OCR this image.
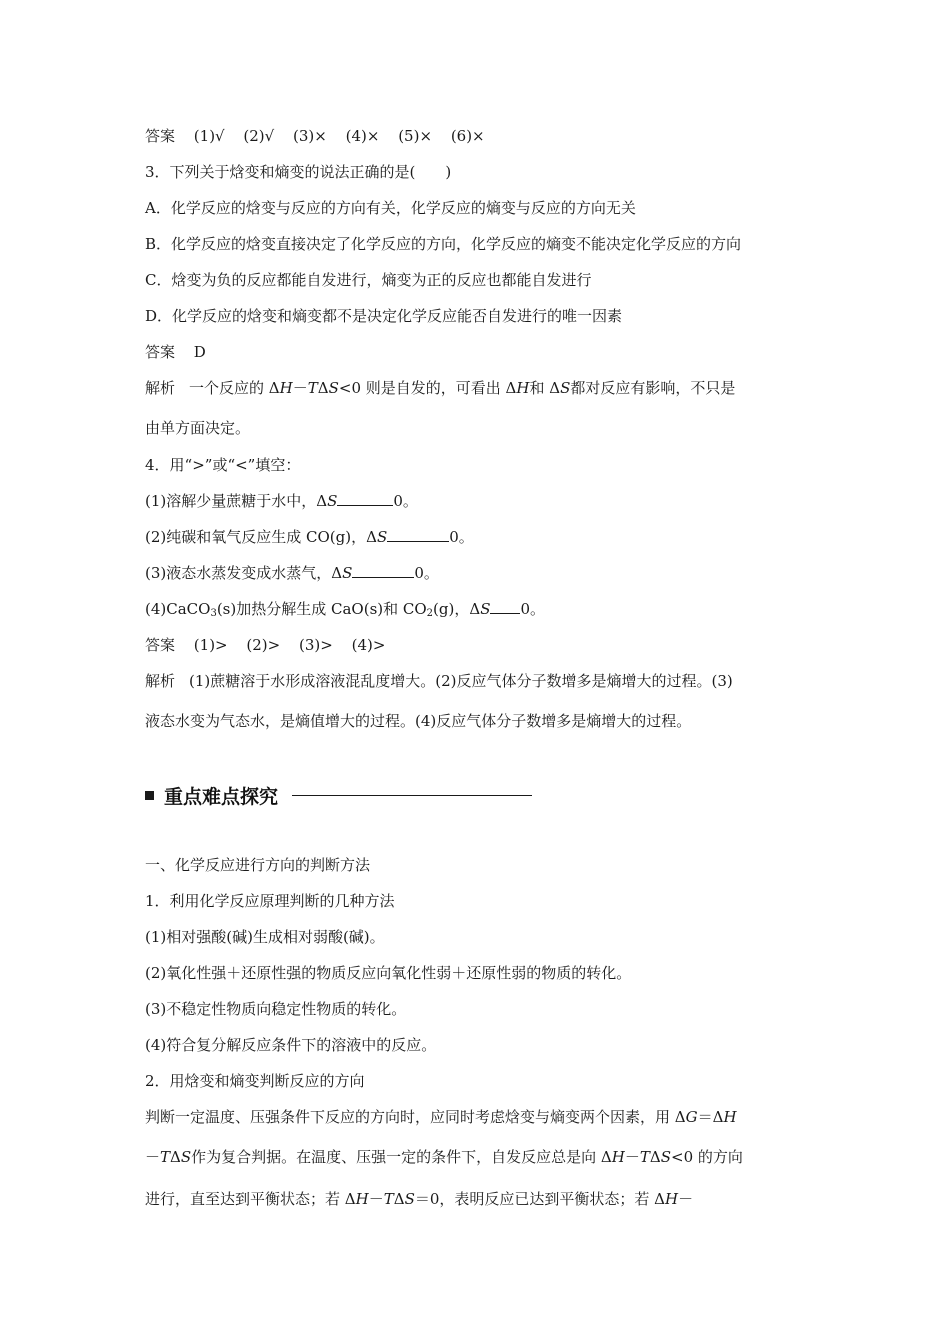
答案 (1)√ (2)√ (3)× (4)× (5)× (6)×
3．下列关于焓变和熵变的说法正确的是(　　)
A．化学反应的焓变与反应的方向有关，化学反应的熵变与反应的方向无关
B．化学反应的焓变直接决定了化学反应的方向，化学反应的熵变不能决定化学反应的方向
C．焓变为负的反应都能自发进行，熵变为正的反应也都能自发进行
D．化学反应的焓变和熵变都不是决定化学反应能否自发进行的唯一因素
答案 D
解析 一个反应的 ΔH－TΔS<0 则是自发的，可看出 ΔH和 ΔS都对反应有影响，不只是
由单方面决定。
4．用“>”或“<”填空：
(1)溶解少量蔗糖于水中，ΔS	0。
(2)纯碳和氧气反应生成 CO(g)，ΔS	0。
(3)液态水蒸发变成水蒸气，ΔS	0。
(4)CaCO$_3$(s)加热分解生成 CaO(s)和 $CO_2(g)$，ΔS 0。
答案 (1)> (2)> (3)> (4)>
解析 (1)蔗糖溶于水形成溶液混乱度增大。(2)反应气体分子数增多是熵增大的过程。(3)
液态水变为气态水，是熵值增大的过程。(4)反应气体分子数增多是熵增大的过程。
重点难点探究
一、化学反应进行方向的判断方法
1．利用化学反应原理判断的几种方法
(1)相对强酸(碱)生成相对弱酸(碱)。
(2)氧化性强＋还原性强的物质反应向氧化性弱＋还原性弱的物质的转化。
(3)不稳定性物质向稳定性物质的转化。
(4)符合复分解反应条件下的溶液中的反应。
2．用焓变和熵变判断反应的方向
判断一定温度、压强条件下反应的方向时，应同时考虑焓变与熵变两个因素，用 ΔG＝ΔH
－TΔS作为复合判据。在温度、压强一定的条件下，自发反应总是向 ΔH－TΔS<0 的方向
进行，直至达到平衡状态；若 ΔH－TΔS＝0，表明反应已达到平衡状态；若 ΔH－
